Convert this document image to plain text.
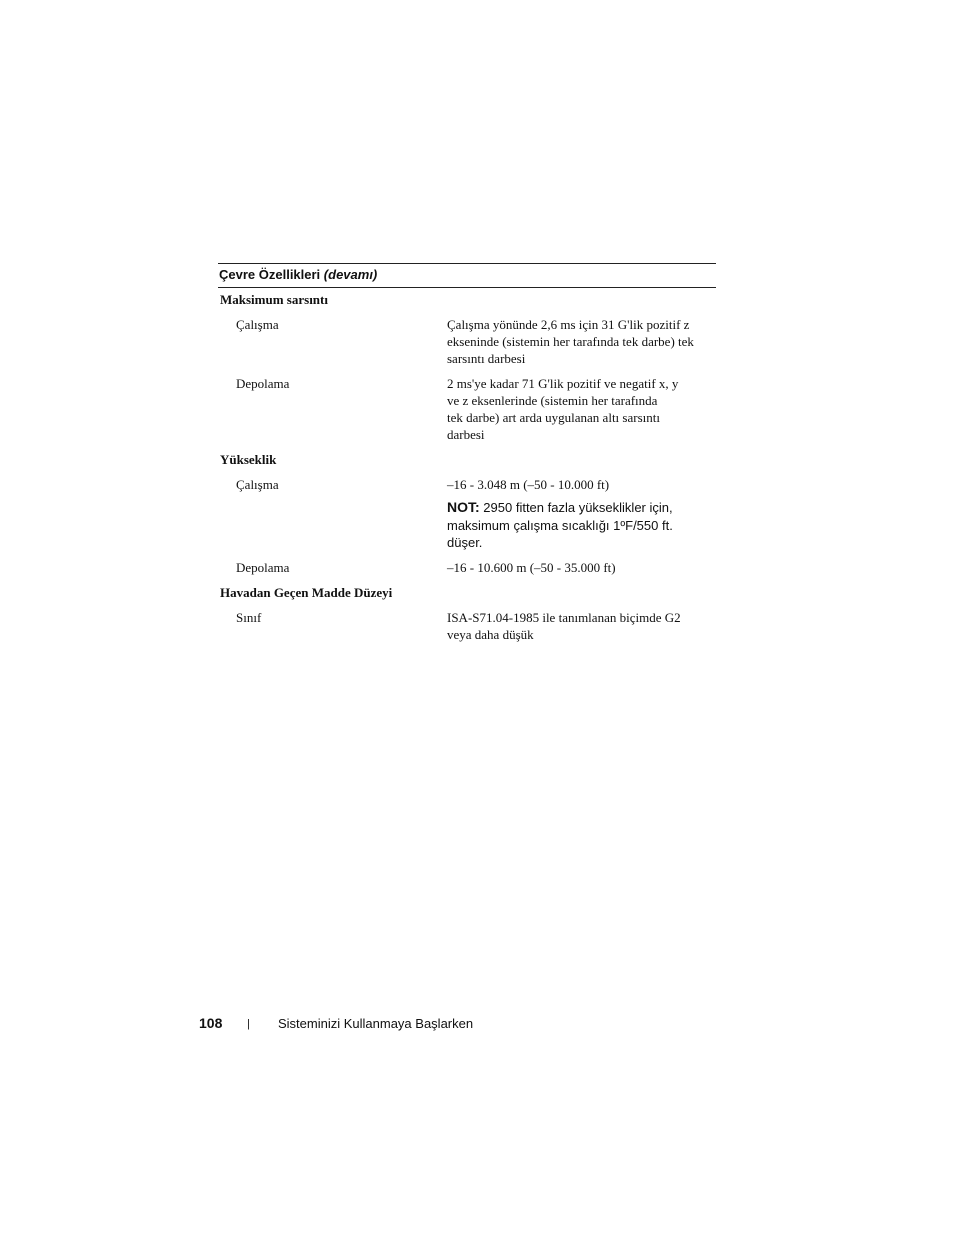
Çevre Özellikleri (devamı)
Maksimum sarsıntı
Çalışma	Çalışma yönünde 2,6 ms için 31 G'lik pozitif z
ekseninde (sistemin her tarafında tek darbe) tek
sarsıntı darbesi
Depolama	2 ms'ye kadar 71 G'lik pozitif ve negatif x, y
ve z eksenlerinde (sistemin her tarafında
tek darbe) art arda uygulanan altı sarsıntı
darbesi
Yükseklik
Çalışma	–16 - 3.048 m (–50 - 10.000 ft)
NOT: 2950 fitten fazla yükseklikler için,
maksimum çalışma sıcaklığı 1ºF/550 ft.
düşer.
Depolama	–16 - 10.600 m (–50 - 35.000 ft)
Havadan Geçen Madde Düzeyi
Sınıf	ISA-S71.04-1985 ile tanımlanan biçimde G2
veya daha düşük
108 | Sisteminizi Kullanmaya Başlarken
